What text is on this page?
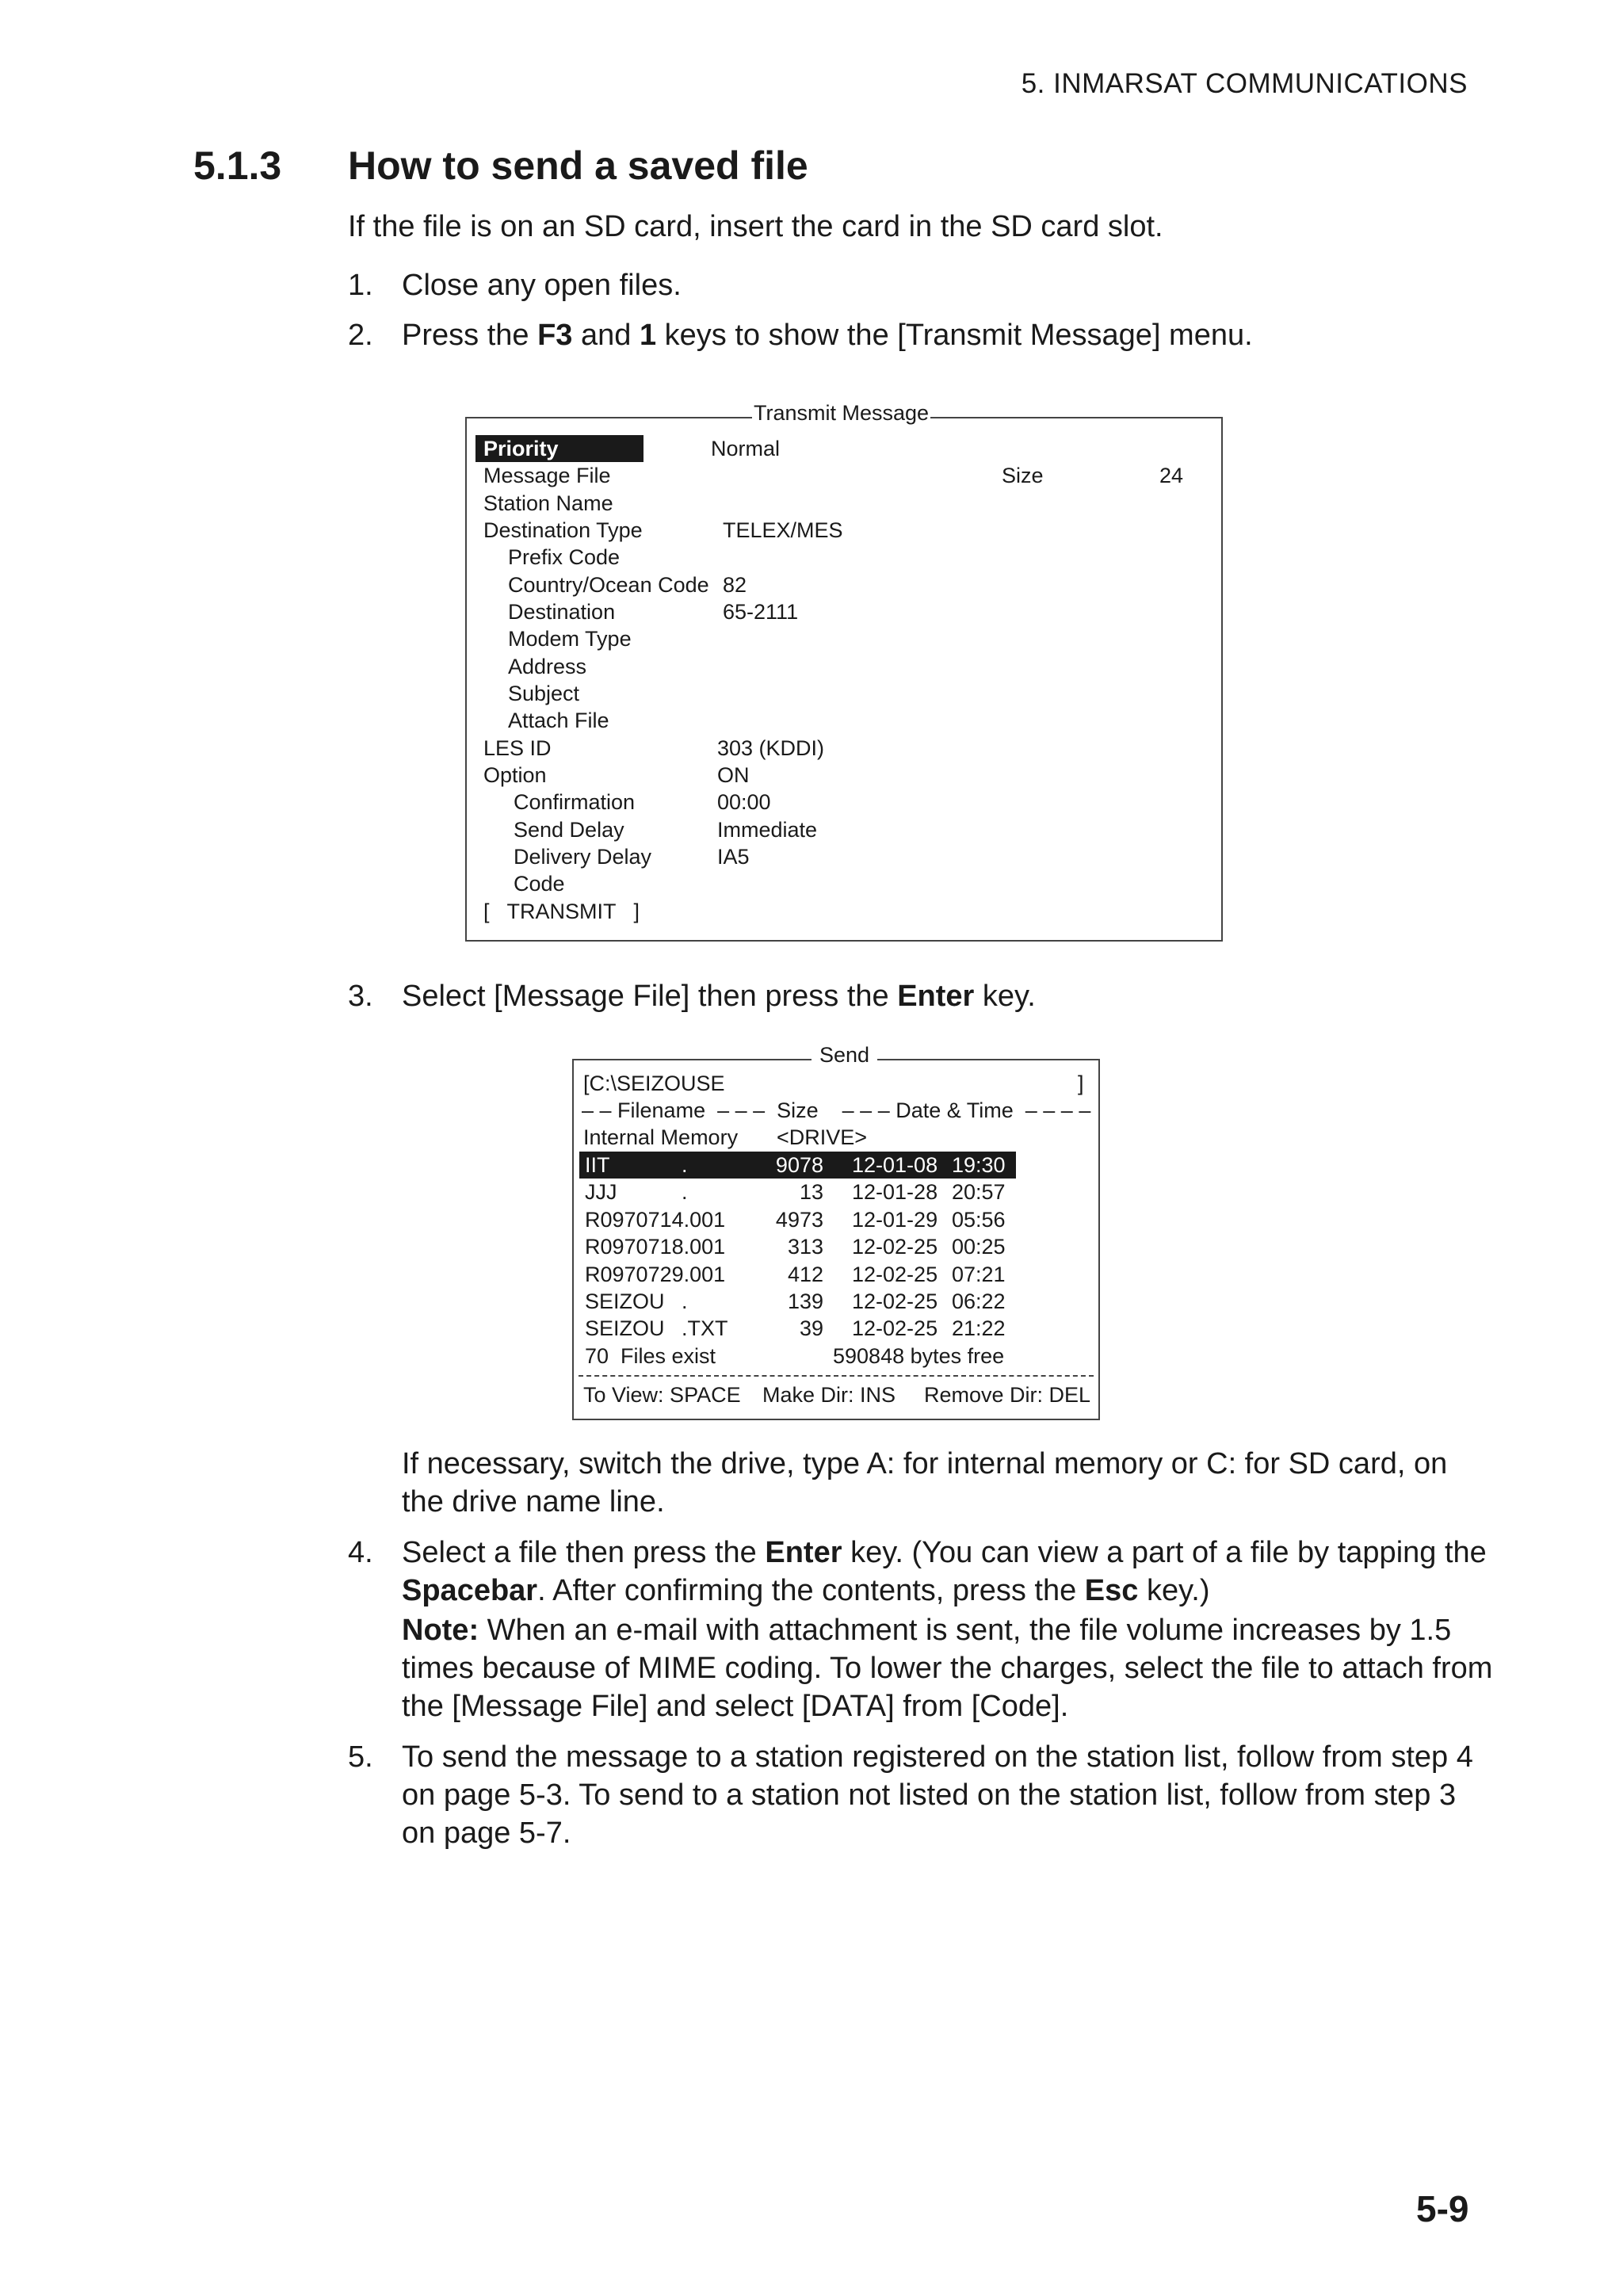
5. INMARSAT COMMUNICATIONS
5.1.3 How to send a saved file
If the file is on an SD card, insert the card in the SD card slot.
1. Close any open files.
2. Press the F3 and 1 keys to show the [Transmit Message] menu.
Transmit Message
Priority	Normal
Message File	Size	24
Station Name
Destination Type	TELEX/MES
Prefix Code
Country/Ocean Code 82
Destination	65-2111
Modem Type
Address
Subject
Attach File
LES ID	303 (KDDI)
Option	ON
Confirmation	00:00
Send Delay	Immediate
Delivery Delay	IA5
Code
[   TRANSMIT   ]
3. Select [Message File] then press the Enter key.
Send
[C:\SEIZOUSE	]
– – Filename  – – –  Size    – – – Date & Time  – – – –
Internal Memory <DRIVE>
IIT	.	9078 12-01-08 19:30
JJJ	.	13 12-01-28 20:57
R0970714.001	4973 12-01-29 05:56
R0970718.001	313 12-02-25 00:25
R0970729.001	412 12-02-25 07:21
SEIZOU .	139 12-02-25 06:22
SEIZOU .TXT	39 12-02-25 21:22
70  Files exist	590848 bytes free
To View: SPACE Make Dir: INS Remove Dir: DEL
If necessary, switch the drive, type A: for internal memory or C: for SD card, on
the drive name line.
4. Select a file then press the Enter key. (You can view a part of a file by tapping the
Spacebar. After confirming the contents, press the Esc key.)
Note: When an e-mail with attachment is sent, the file volume increases by 1.5
times because of MIME coding. To lower the charges, select the file to attach from
the [Message File] and select [DATA] from [Code].
5. To send the message to a station registered on the station list, follow from step 4
on page 5-3. To send to a station not listed on the station list, follow from step 3
on page 5-7.
5-9
